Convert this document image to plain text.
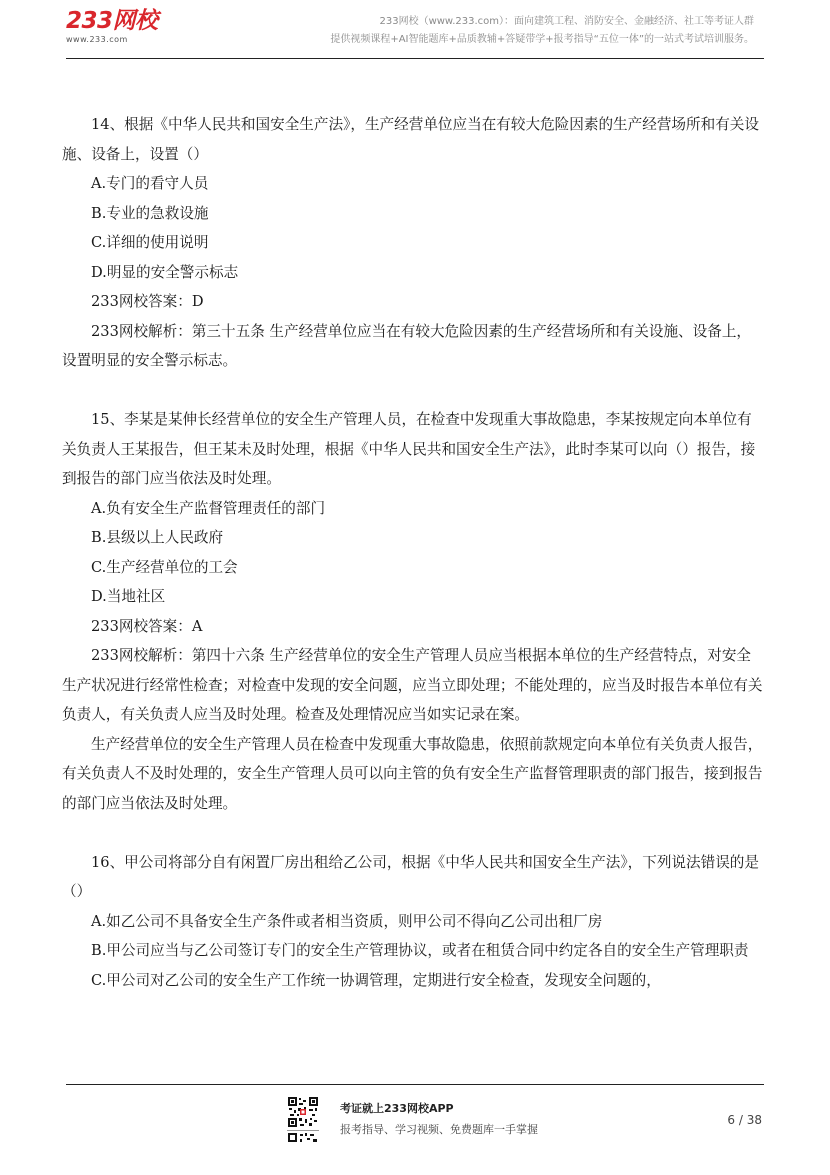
233网校
www.233.com
233网校（www.233.com）：面向建筑工程、消防安全、金融经济、社工等考证人群
提供视频课程+AI智能题库+品质教辅+答疑带学+报考指导“五位一体”的一站式考试培训服务。

14、根据《中华人民共和国安全生产法》，生产经营单位应当在有较大危险因素的生产经营场所和有关设施、设备上，设置（）

A.专门的看守人员

B.专业的急救设施

C.详细的使用说明

D.明显的安全警示标志

233网校答案：D

233网校解析：第三十五条 生产经营单位应当在有较大危险因素的生产经营场所和有关设施、设备上，设置明显的安全警示标志。

15、李某是某伸长经营单位的安全生产管理人员，在检查中发现重大事故隐患，李某按规定向本单位有关负责人王某报告，但王某未及时处理，根据《中华人民共和国安全生产法》，此时李某可以向（）报告，接到报告的部门应当依法及时处理。

A.负有安全生产监督管理责任的部门

B.县级以上人民政府

C.生产经营单位的工会

D.当地社区

233网校答案：A

233网校解析：第四十六条 生产经营单位的安全生产管理人员应当根据本单位的生产经营特点，对安全生产状况进行经常性检查；对检查中发现的安全问题，应当立即处理；不能处理的，应当及时报告本单位有关负责人，有关负责人应当及时处理。检查及处理情况应当如实记录在案。

生产经营单位的安全生产管理人员在检查中发现重大事故隐患，依照前款规定向本单位有关负责人报告，有关负责人不及时处理的，安全生产管理人员可以向主管的负有安全生产监督管理职责的部门报告，接到报告的部门应当依法及时处理。

16、甲公司将部分自有闲置厂房出租给乙公司，根据《中华人民共和国安全生产法》，下列说法错误的是（）

A.如乙公司不具备安全生产条件或者相当资质，则甲公司不得向乙公司出租厂房

B.甲公司应当与乙公司签订专门的安全生产管理协议，或者在租赁合同中约定各自的安全生产管理职责

C.甲公司对乙公司的安全生产工作统一协调管理，定期进行安全检查，发现安全问题的，

考证就上233网校APP
报考指导、学习视频、免费题库一手掌握
6 / 38
